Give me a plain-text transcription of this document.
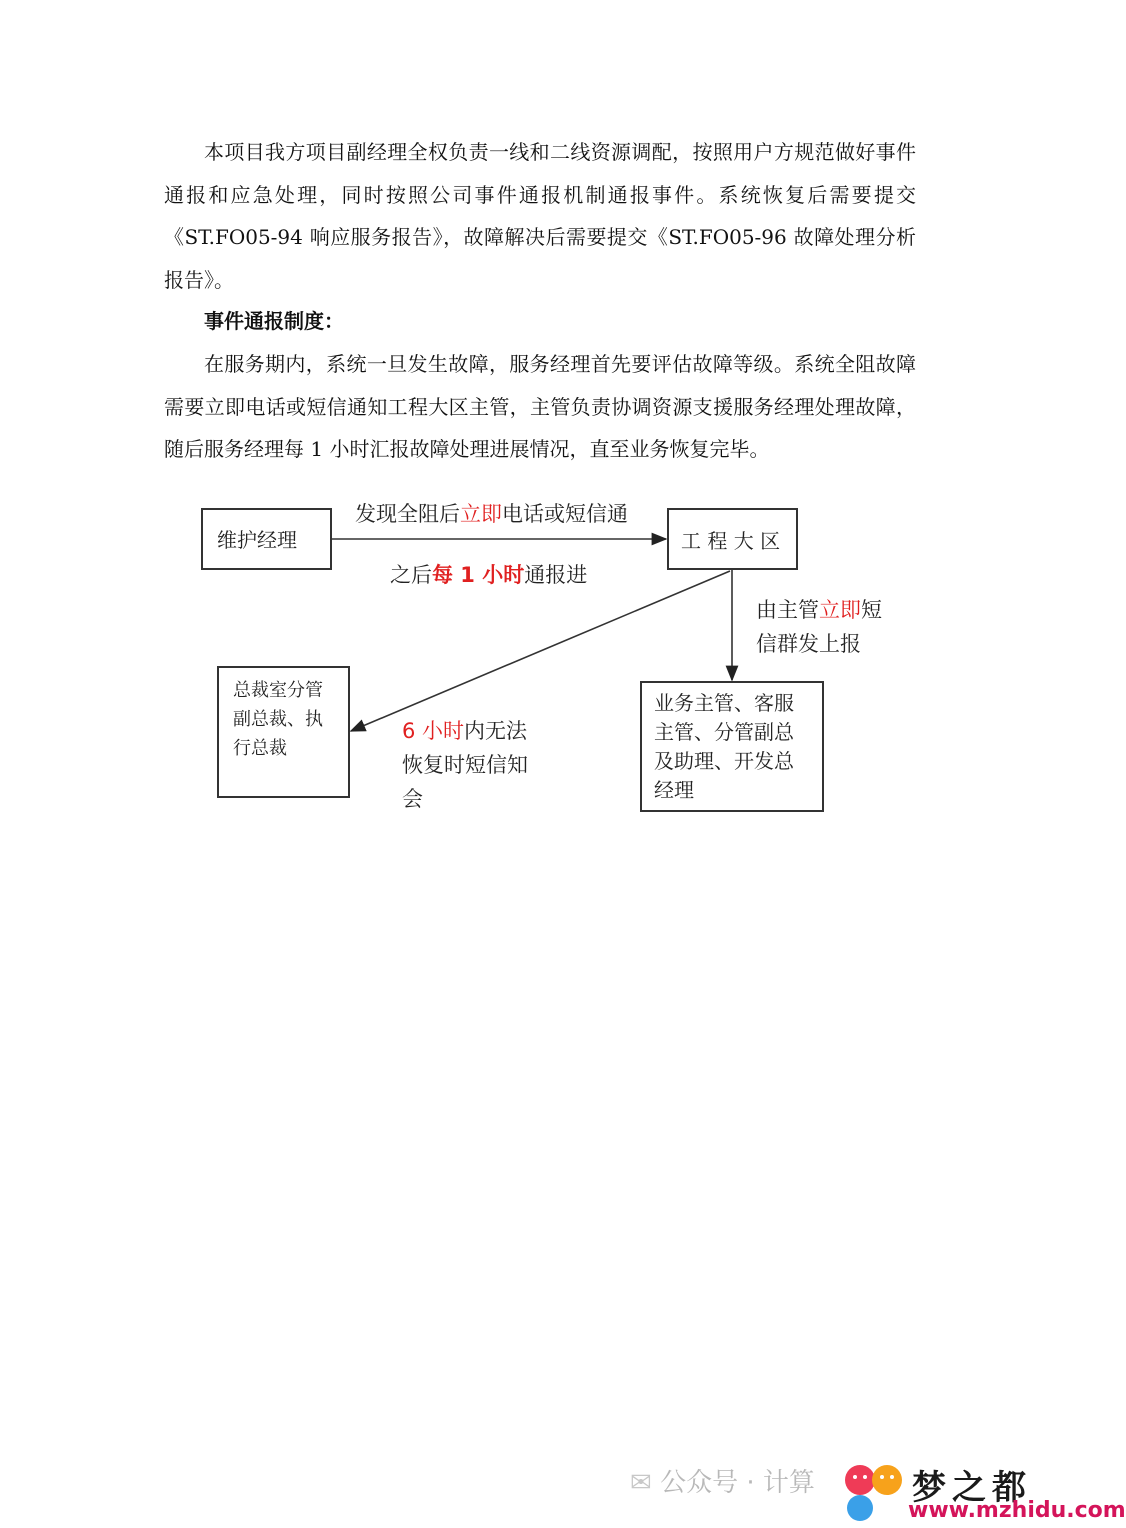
本项目我方项目副经理全权负责一线和二线资源调配，按照用户方规范做好事件通报和应急处理，同时按照公司事件通报机制通报事件。系统恢复后需要提交《ST.FO05-94 响应服务报告》，故障解决后需要提交《ST.FO05-96 故障处理分析报告》。

事件通报制度：

在服务期内，系统一旦发生故障，服务经理首先要评估故障等级。系统全阻故障需要立即电话或短信通知工程大区主管，主管负责协调资源支援服务经理处理故障，随后服务经理每 1 小时汇报故障处理进展情况，直至业务恢复完毕。

维护经理	工 程 大 区
总裁室分管
副总裁、执
行总裁
业务主管、客服
主管、分管副总
及助理、开发总
经理
发现全阻后立即电话或短信通
之后每 1 小时通报进
由主管立即短
信群发上报
6 小时内无法
恢复时短信知
会
✉ 公众号 · 计算	梦之都
www.mzhidu.com
